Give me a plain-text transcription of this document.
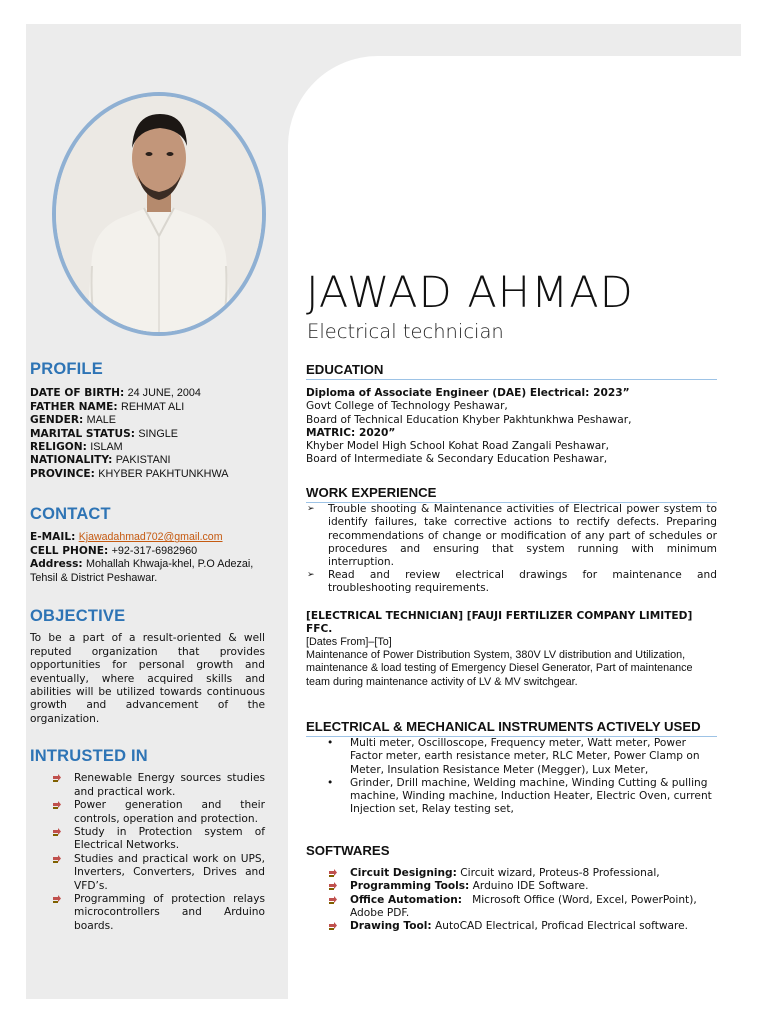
PROFILE
DATE OF BIRTH: 24 JUNE, 2004
FATHER NAME: REHMAT ALI
GENDER: MALE
MARITAL STATUS: SINGLE
RELIGON: ISLAM
NATIONALITY: PAKISTANI
PROVINCE: KHYBER PAKHTUNKHWA
CONTACT
E-MAIL: Kjawadahmad702@gmail.com
CELL PHONE: +92-317-6982960
Address: Mohallah Khwaja-khel, P.O Adezai, Tehsil & District Peshawar.
OBJECTIVE

To be a part of a result-oriented & well reputed organization that provides opportunities for personal growth and eventually, where acquired skills and abilities will be utilized towards continuous growth and advancement of the organization.

INTRUSTED IN
Renewable Energy sources studies and practical work.
Power generation and their controls, operation and protection.
Study in Protection system of Electrical Networks.
Studies and practical work on UPS, Inverters, Converters, Drives and VFD’s.
Programming of protection relays microcontrollers and Arduino boards.
JAWAD AHMAD

Electrical technician

EDUCATION
Diploma of Associate Engineer (DAE) Electrical: 2023”
Govt College of Technology Peshawar,
Board of Technical Education Khyber Pakhtunkhwa Peshawar,
MATRIC: 2020”
Khyber Model High School Kohat Road Zangali Peshawar,
Board of Intermediate & Secondary Education Peshawar,
WORK EXPERIENCE
➢ Trouble shooting & Maintenance activities of Electrical power system to identify failures, take corrective actions to rectify defects. Preparing recommendations of change or modification of any part of schedules or procedures and ensuring that system running with minimum interruption.
➢ Read and review electrical drawings for maintenance and troubleshooting requirements.
[ELECTRICAL TECHNICIAN] [FAUJI FERTILIZER COMPANY LIMITED] FFC.
[Dates From]–[To]
Maintenance of Power Distribution System, 380V LV distribution and Utilization, maintenance & load testing of Emergency Diesel Generator, Part of maintenance team during maintenance activity of LV & MV switchgear.
ELECTRICAL & MECHANICAL INSTRUMENTS ACTIVELY USED
• Multi meter, Oscilloscope, Frequency meter, Watt meter, Power Factor meter, earth resistance meter, RLC Meter, Power Clamp on Meter, Insulation Resistance Meter (Megger), Lux Meter,
• Grinder, Drill machine, Welding machine, Winding Cutting & pulling machine, Winding machine, Induction Heater, Electric Oven, current Injection set, Relay testing set,
SOFTWARES
Circuit Designing: Circuit wizard, Proteus-8 Professional,
Programming Tools: Arduino IDE Software.
Office Automation:   Microsoft Office (Word, Excel, PowerPoint), Adobe PDF.
Drawing Tool: AutoCAD Electrical, Proficad Electrical software.
